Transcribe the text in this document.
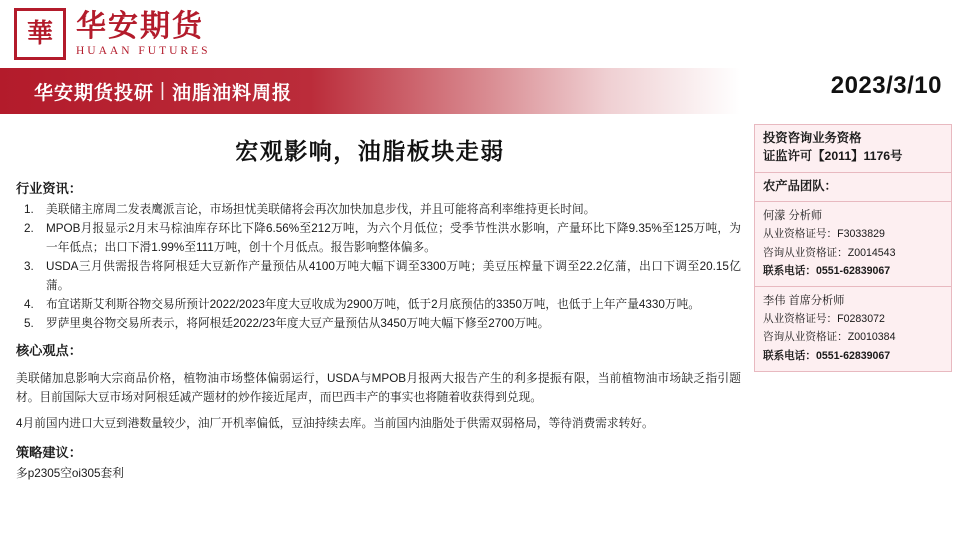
華 华安期货
HUAAN FUTURES
华安期货投研 | 油脂油料周报	2023/3/10
宏观影响，油脂板块走弱
行业资讯：
美联储主席周二发表鹰派言论，市场担忧美联储将会再次加快加息步伐，并且可能将高利率维持更长时间。
MPOB月报显示2月末马棕油库存环比下降6.56%至212万吨，为六个月低位；受季节性洪水影响，产量环比下降9.35%至125万吨，为一年低点；出口下滑1.99%至111万吨，创十个月低点。报告影响整体偏多。
USDA三月供需报告将阿根廷大豆新作产量预估从4100万吨大幅下调至3300万吨；美豆压榨量下调至22.2亿蒲，出口下调至20.15亿蒲。
布宜诺斯艾利斯谷物交易所预计2022/2023年度大豆收成为2900万吨，低于2月底预估的3350万吨，也低于上年产量4330万吨。
罗萨里奥谷物交易所表示，将阿根廷2022/23年度大豆产量预估从3450万吨大幅下修至2700万吨。
核心观点：

美联储加息影响大宗商品价格，植物油市场整体偏弱运行，USDA与MPOB月报两大报告产生的利多提振有限，当前植物油市场缺乏指引题材。目前国际大豆市场对阿根廷减产题材的炒作接近尾声，而巴西丰产的事实也将随着收获得到兑现。

4月前国内进口大豆到港数量较少，油厂开机率偏低，豆油持续去库。当前国内油脂处于供需双弱格局，等待消费需求转好。

策略建议：

多p2305空oi305套利

投资咨询业务资格
证监许可【2011】1176号
农产品团队：
何濛 分析师
从业资格证号：F3033829
咨询从业资格证：Z0014543
联系电话：0551-62839067
李伟 首席分析师
从业资格证号：F0283072
咨询从业资格证：Z0010384
联系电话：0551-62839067
